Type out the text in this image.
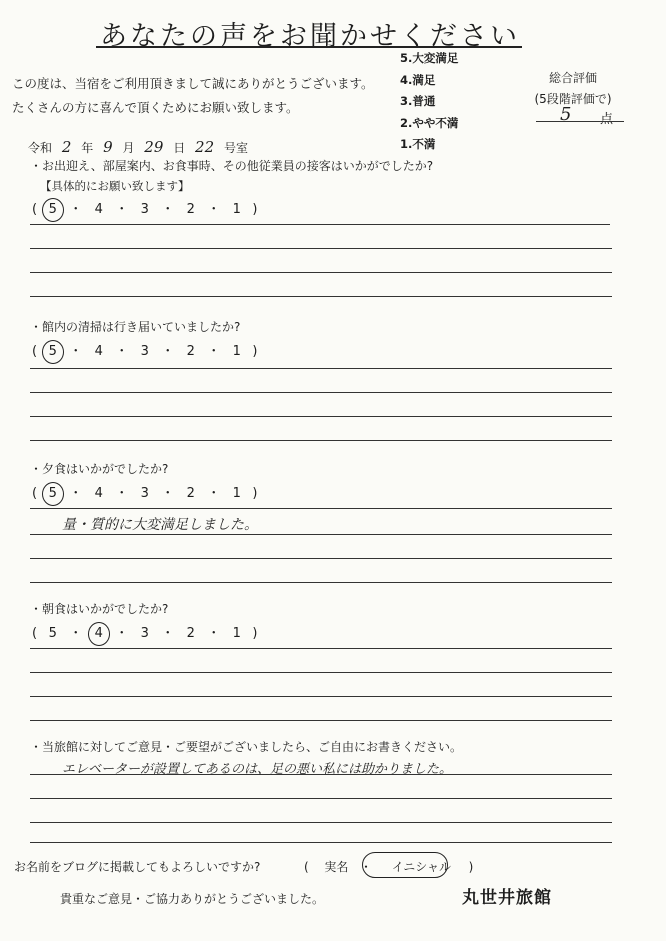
あなたの声をお聞かせください
この度は、当宿をご利用頂きまして誠にありがとうございます。
たくさんの方に喜んで頂くためにお願い致します。
5.大変満足
4.満足
3.普通
2.やや不満
1.不満
総合評価
(5段階評価で)
5 点
令和 2 年 9 月 29 日 22 号室
・お出迎え、部屋案内、お食事時、その他従業員の接客はいかがでしたか?
【具体的にお願い致します】
( 5 ・ 4 ・ 3 ・ 2 ・ 1 )
・館内の清掃は行き届いていましたか?
( 5 ・ 4 ・ 3 ・ 2 ・ 1 )
・夕食はいかがでしたか?
( 5 ・ 4 ・ 3 ・ 2 ・ 1 )
量・質的に大変満足しました。
・朝食はいかがでしたか?
( 5 ・ 4 ・ 3 ・ 2 ・ 1 )
・当旅館に対してご意見・ご要望がございましたら、ご自由にお書きください。
エレベーターが設置してあるのは、足の悪い私には助かりました。
お名前をブログに掲載してもよろしいですか?	( 実名 ・ イニシャル )
貴重なご意見・ご協力ありがとうございました。	丸世井旅館
